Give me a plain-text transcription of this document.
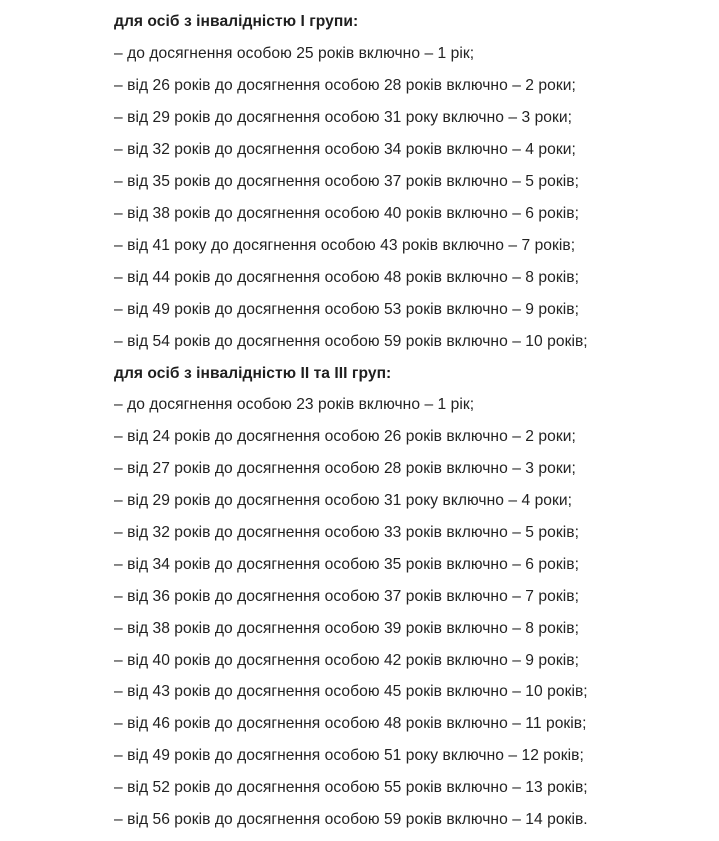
для осіб з інвалідністю І групи:
– до досягнення особою 25 років включно – 1 рік;
– від 26 років до досягнення особою 28 років включно – 2 роки;
– від 29 років до досягнення особою 31 року включно – 3 роки;
– від 32 років до досягнення особою 34 років включно – 4 роки;
– від 35 років до досягнення особою 37 років включно – 5 років;
– від 38 років до досягнення особою 40 років включно – 6 років;
– від 41 року до досягнення особою 43 років включно – 7 років;
– від 44 років до досягнення особою 48 років включно – 8 років;
– від 49 років до досягнення особою 53 років включно – 9 років;
– від 54 років до досягнення особою 59 років включно – 10 років;
для осіб з інвалідністю ІІ та ІІІ груп:
– до досягнення особою 23 років включно – 1 рік;
– від 24 років до досягнення особою 26 років включно – 2 роки;
– від 27 років до досягнення особою 28 років включно – 3 роки;
– від 29 років до досягнення особою 31 року включно – 4 роки;
– від 32 років до досягнення особою 33 років включно – 5 років;
– від 34 років до досягнення особою 35 років включно – 6 років;
– від 36 років до досягнення особою 37 років включно – 7 років;
– від 38 років до досягнення особою 39 років включно – 8 років;
– від 40 років до досягнення особою 42 років включно – 9 років;
– від 43 років до досягнення особою 45 років включно – 10 років;
– від 46 років до досягнення особою 48 років включно – 11 років;
– від 49 років до досягнення особою 51 року включно – 12 років;
– від 52 років до досягнення особою 55 років включно – 13 років;
– від 56 років до досягнення особою 59 років включно – 14 років.
